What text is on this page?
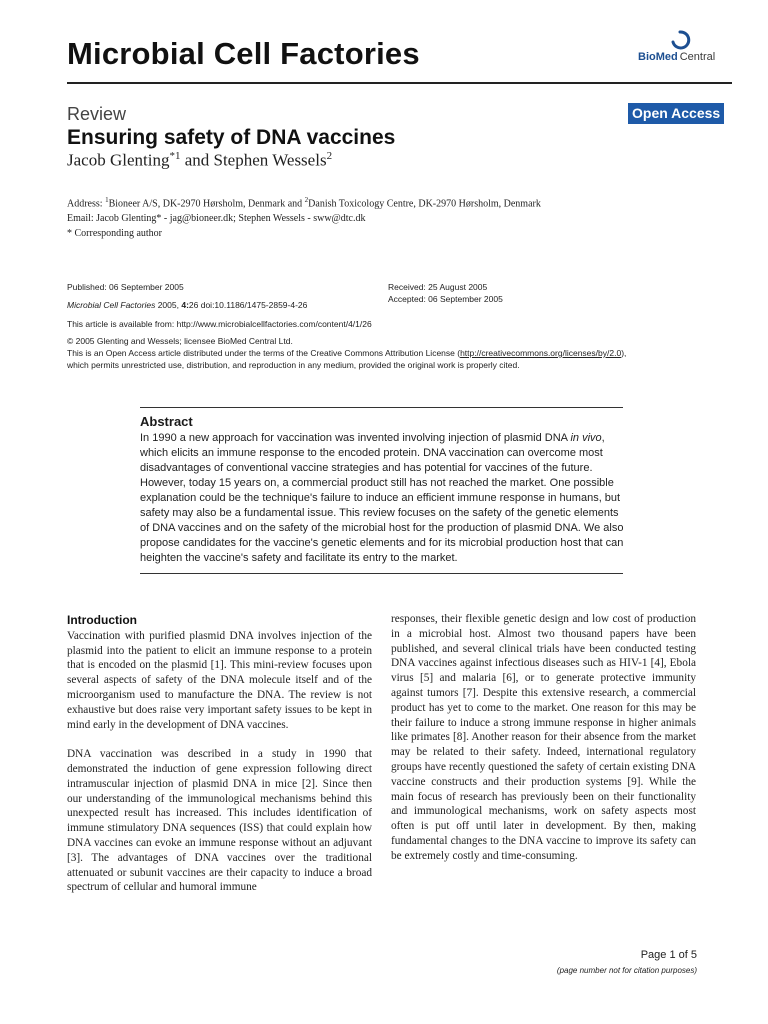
Microbial Cell Factories	BioMed Central
Review	Open Access
Ensuring safety of DNA vaccines
Jacob Glenting$^{*1}$ and Stephen Wessels$^2$
Address: $^1$Bioneer A/S, DK-2970 Hørsholm, Denmark and $^2$Danish Toxicology Centre, DK-2970 Hørsholm, Denmark
Email: Jacob Glenting* - jag@bioneer.dk; Stephen Wessels - sww@dtc.dk
* Corresponding author
Published: 06 September 2005
Microbial Cell Factories 2005, 4:26 doi:10.1186/1475-2859-4-26
Received: 25 August 2005
Accepted: 06 September 2005
This article is available from: http://www.microbialcellfactories.com/content/4/1/26
© 2005 Glenting and Wessels; licensee BioMed Central Ltd.
This is an Open Access article distributed under the terms of the Creative Commons Attribution License (http://creativecommons.org/licenses/by/2.0),
which permits unrestricted use, distribution, and reproduction in any medium, provided the original work is properly cited.
Abstract
In 1990 a new approach for vaccination was invented involving injection of plasmid DNA in vivo, which elicits an immune response to the encoded protein. DNA vaccination can overcome most disadvantages of conventional vaccine strategies and has potential for vaccines of the future. However, today 15 years on, a commercial product still has not reached the market. One possible explanation could be the technique's failure to induce an efficient immune response in humans, but safety may also be a fundamental issue. This review focuses on the safety of the genetic elements of DNA vaccines and on the safety of the microbial host for the production of plasmid DNA. We also propose candidates for the vaccine's genetic elements and for its microbial production host that can heighten the vaccine's safety and facilitate its entry to the market.
Introduction

Vaccination with purified plasmid DNA involves injection of the plasmid into the patient to elicit an immune response to a protein that is encoded on the plasmid [1]. This mini-review focuses upon several aspects of safety of the DNA molecule itself and of the microorganism used to manufacture the DNA. The review is not exhaustive but does raise very important safety issues to be kept in mind early in the development of DNA vaccines.

DNA vaccination was described in a study in 1990 that demonstrated the induction of gene expression following direct intramuscular injection of plasmid DNA in mice [2]. Since then our understanding of the immunological mechanisms behind this unexpected result has increased. This includes identification of immune stimulatory DNA sequences (ISS) that could explain how DNA vaccines can evoke an immune response without an adjuvant [3]. The advantages of DNA vaccines over the traditional attenuated or subunit vaccines are their capacity to induce a broad spectrum of cellular and humoral immune

responses, their flexible genetic design and low cost of production in a microbial host. Almost two thousand papers have been published, and several clinical trials have been conducted testing DNA vaccines against infectious diseases such as HIV-1 [4], Ebola virus [5] and malaria [6], or to generate protective immunity against tumors [7]. Despite this extensive research, a commercial product has yet to come to the market. One reason for this may be their failure to induce a strong immune response in higher animals like primates [8]. Another reason for their absence from the market may be related to their safety. Indeed, international regulatory groups have recently questioned the safety of certain existing DNA vaccine constructs and their production systems [9]. While the main focus of research has previously been on their functionality and immunological mechanisms, work on safety aspects most often is put off until later in development. By then, making fundamental changes to the DNA vaccine to improve its safety can be extremely costly and time-consuming.

Page 1 of 5
(page number not for citation purposes)
